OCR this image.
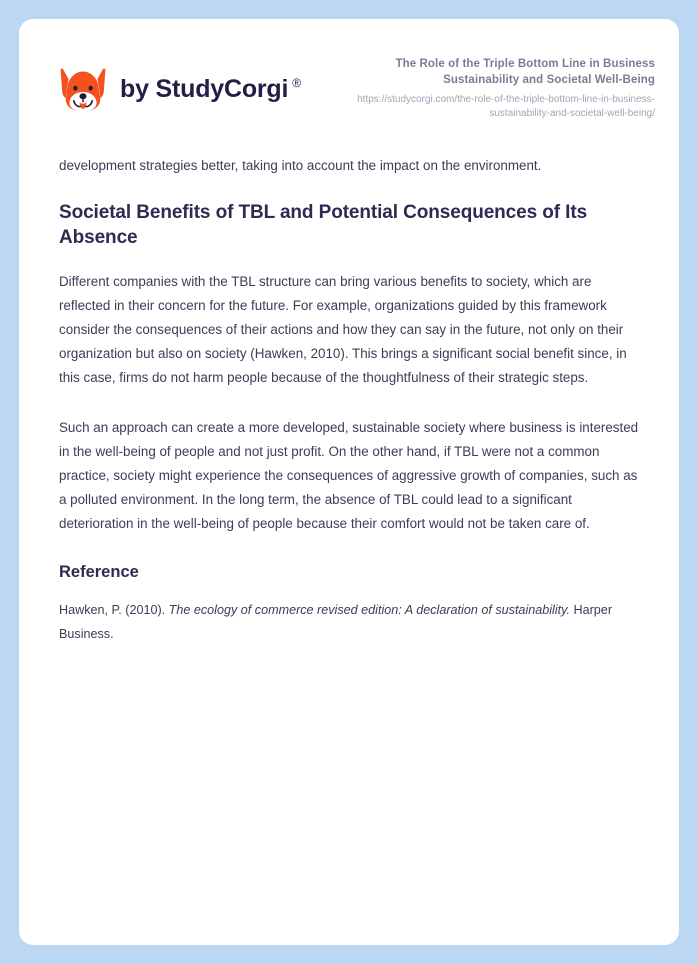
by StudyCorgi ®
The Role of the Triple Bottom Line in Business Sustainability and Societal Well-Being
https://studycorgi.com/the-role-of-the-triple-bottom-line-in-business-sustainability-and-societal-well-being/

development strategies better, taking into account the impact on the environment.

Societal Benefits of TBL and Potential Consequences of Its Absence

Different companies with the TBL structure can bring various benefits to society, which are reflected in their concern for the future. For example, organizations guided by this framework consider the consequences of their actions and how they can say in the future, not only on their organization but also on society (Hawken, 2010). This brings a significant social benefit since, in this case, firms do not harm people because of the thoughtfulness of their strategic steps.

Such an approach can create a more developed, sustainable society where business is interested in the well-being of people and not just profit. On the other hand, if TBL were not a common practice, society might experience the consequences of aggressive growth of companies, such as a polluted environment. In the long term, the absence of TBL could lead to a significant deterioration in the well-being of people because their comfort would not be taken care of.

Reference

Hawken, P. (2010). The ecology of commerce revised edition: A declaration of sustainability. Harper Business.
